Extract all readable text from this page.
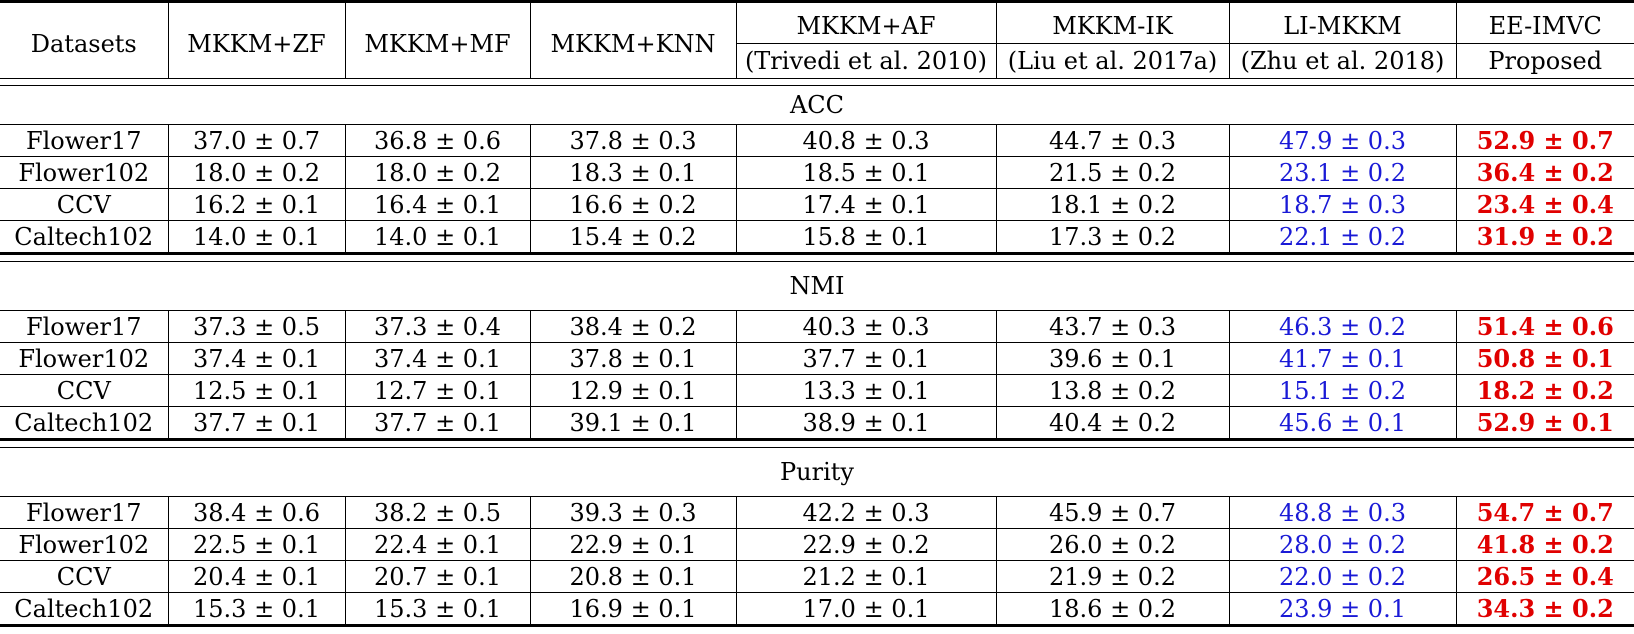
Datasets	MKKM+ZF	MKKM+MF	MKKM+KNN	MKKM+AF	MKKM-IK	LI-MKKM	EE-IMVC
				(Trivedi et al. 2010)	(Liu et al. 2017a)	(Zhu et al. 2018)	Proposed

ACC							
Flower17	37.0 ± 0.7	36.8 ± 0.6	37.8 ± 0.3	40.8 ± 0.3	44.7 ± 0.3	47.9 ± 0.3	52.9 ± 0.7
Flower102	18.0 ± 0.2	18.0 ± 0.2	18.3 ± 0.1	18.5 ± 0.1	21.5 ± 0.2	23.1 ± 0.2	36.4 ± 0.2
CCV	16.2 ± 0.1	16.4 ± 0.1	16.6 ± 0.2	17.4 ± 0.1	18.1 ± 0.2	18.7 ± 0.3	23.4 ± 0.4
Caltech102	14.0 ± 0.1	14.0 ± 0.1	15.4 ± 0.2	15.8 ± 0.1	17.3 ± 0.2	22.1 ± 0.2	31.9 ± 0.2

NMI							
Flower17	37.3 ± 0.5	37.3 ± 0.4	38.4 ± 0.2	40.3 ± 0.3	43.7 ± 0.3	46.3 ± 0.2	51.4 ± 0.6
Flower102	37.4 ± 0.1	37.4 ± 0.1	37.8 ± 0.1	37.7 ± 0.1	39.6 ± 0.1	41.7 ± 0.1	50.8 ± 0.1
CCV	12.5 ± 0.1	12.7 ± 0.1	12.9 ± 0.1	13.3 ± 0.1	13.8 ± 0.2	15.1 ± 0.2	18.2 ± 0.2
Caltech102	37.7 ± 0.1	37.7 ± 0.1	39.1 ± 0.1	38.9 ± 0.1	40.4 ± 0.2	45.6 ± 0.1	52.9 ± 0.1

Purity							
Flower17	38.4 ± 0.6	38.2 ± 0.5	39.3 ± 0.3	42.2 ± 0.3	45.9 ± 0.7	48.8 ± 0.3	54.7 ± 0.7
Flower102	22.5 ± 0.1	22.4 ± 0.1	22.9 ± 0.1	22.9 ± 0.2	26.0 ± 0.2	28.0 ± 0.2	41.8 ± 0.2
CCV	20.4 ± 0.1	20.7 ± 0.1	20.8 ± 0.1	21.2 ± 0.1	21.9 ± 0.2	22.0 ± 0.2	26.5 ± 0.4
Caltech102	15.3 ± 0.1	15.3 ± 0.1	16.9 ± 0.1	17.0 ± 0.1	18.6 ± 0.2	23.9 ± 0.1	34.3 ± 0.2
